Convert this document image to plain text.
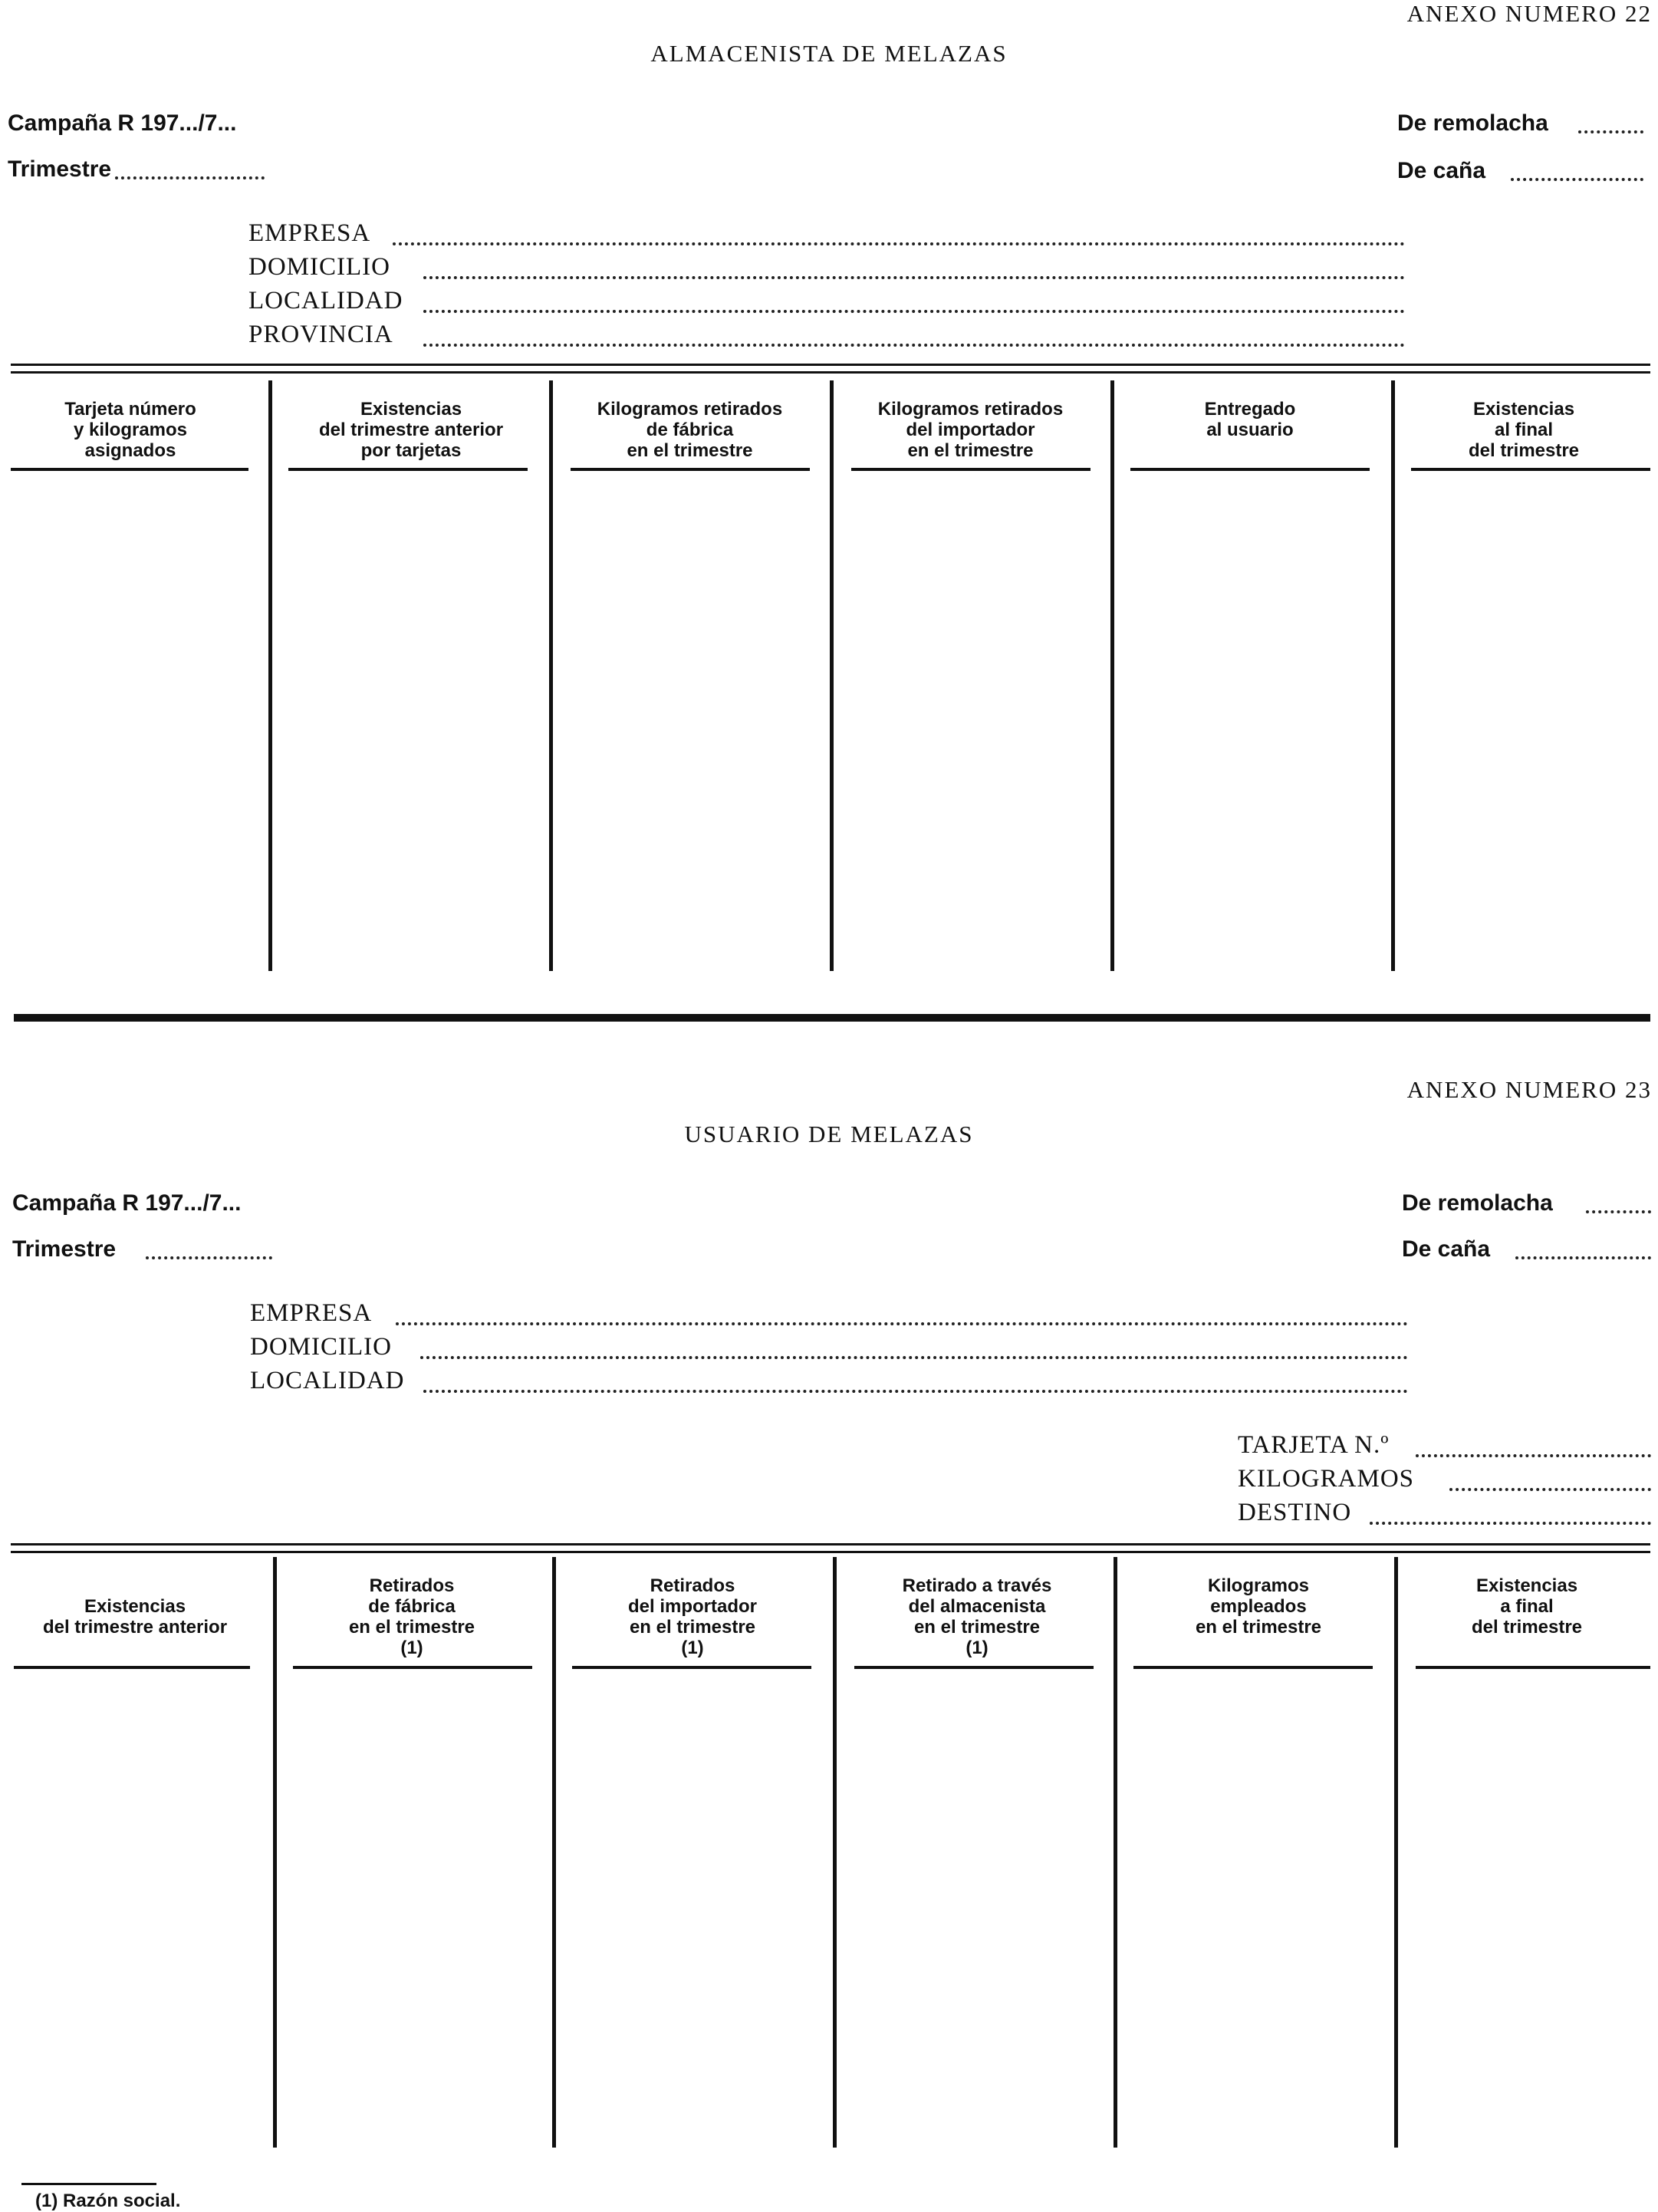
ANEXO NUMERO 22
ALMACENISTA DE MELAZAS
Campaña R 197.../7...
Trimestre
De remolacha
De caña
EMPRESA
DOMICILIO
LOCALIDAD
PROVINCIA
Tarjeta número
y kilogramos
asignados
Existencias
del trimestre anterior
por tarjetas
Kilogramos retirados
de fábrica
en el trimestre
Kilogramos retirados
del importador
en el trimestre
Entregado
al usuario
Existencias
al final
del trimestre
ANEXO NUMERO 23
USUARIO DE MELAZAS
Campaña R 197.../7...
Trimestre
De remolacha
De caña
EMPRESA
DOMICILIO
LOCALIDAD
TARJETA N.º
KILOGRAMOS
DESTINO
Existencias
del trimestre anterior
Retirados
de fábrica
en el trimestre
(1)
Retirados
del importador
en el trimestre
(1)
Retirado a través
del almacenista
en el trimestre
(1)
Kilogramos
empleados
en el trimestre
Existencias
a final
del trimestre
(1) Razón social.
